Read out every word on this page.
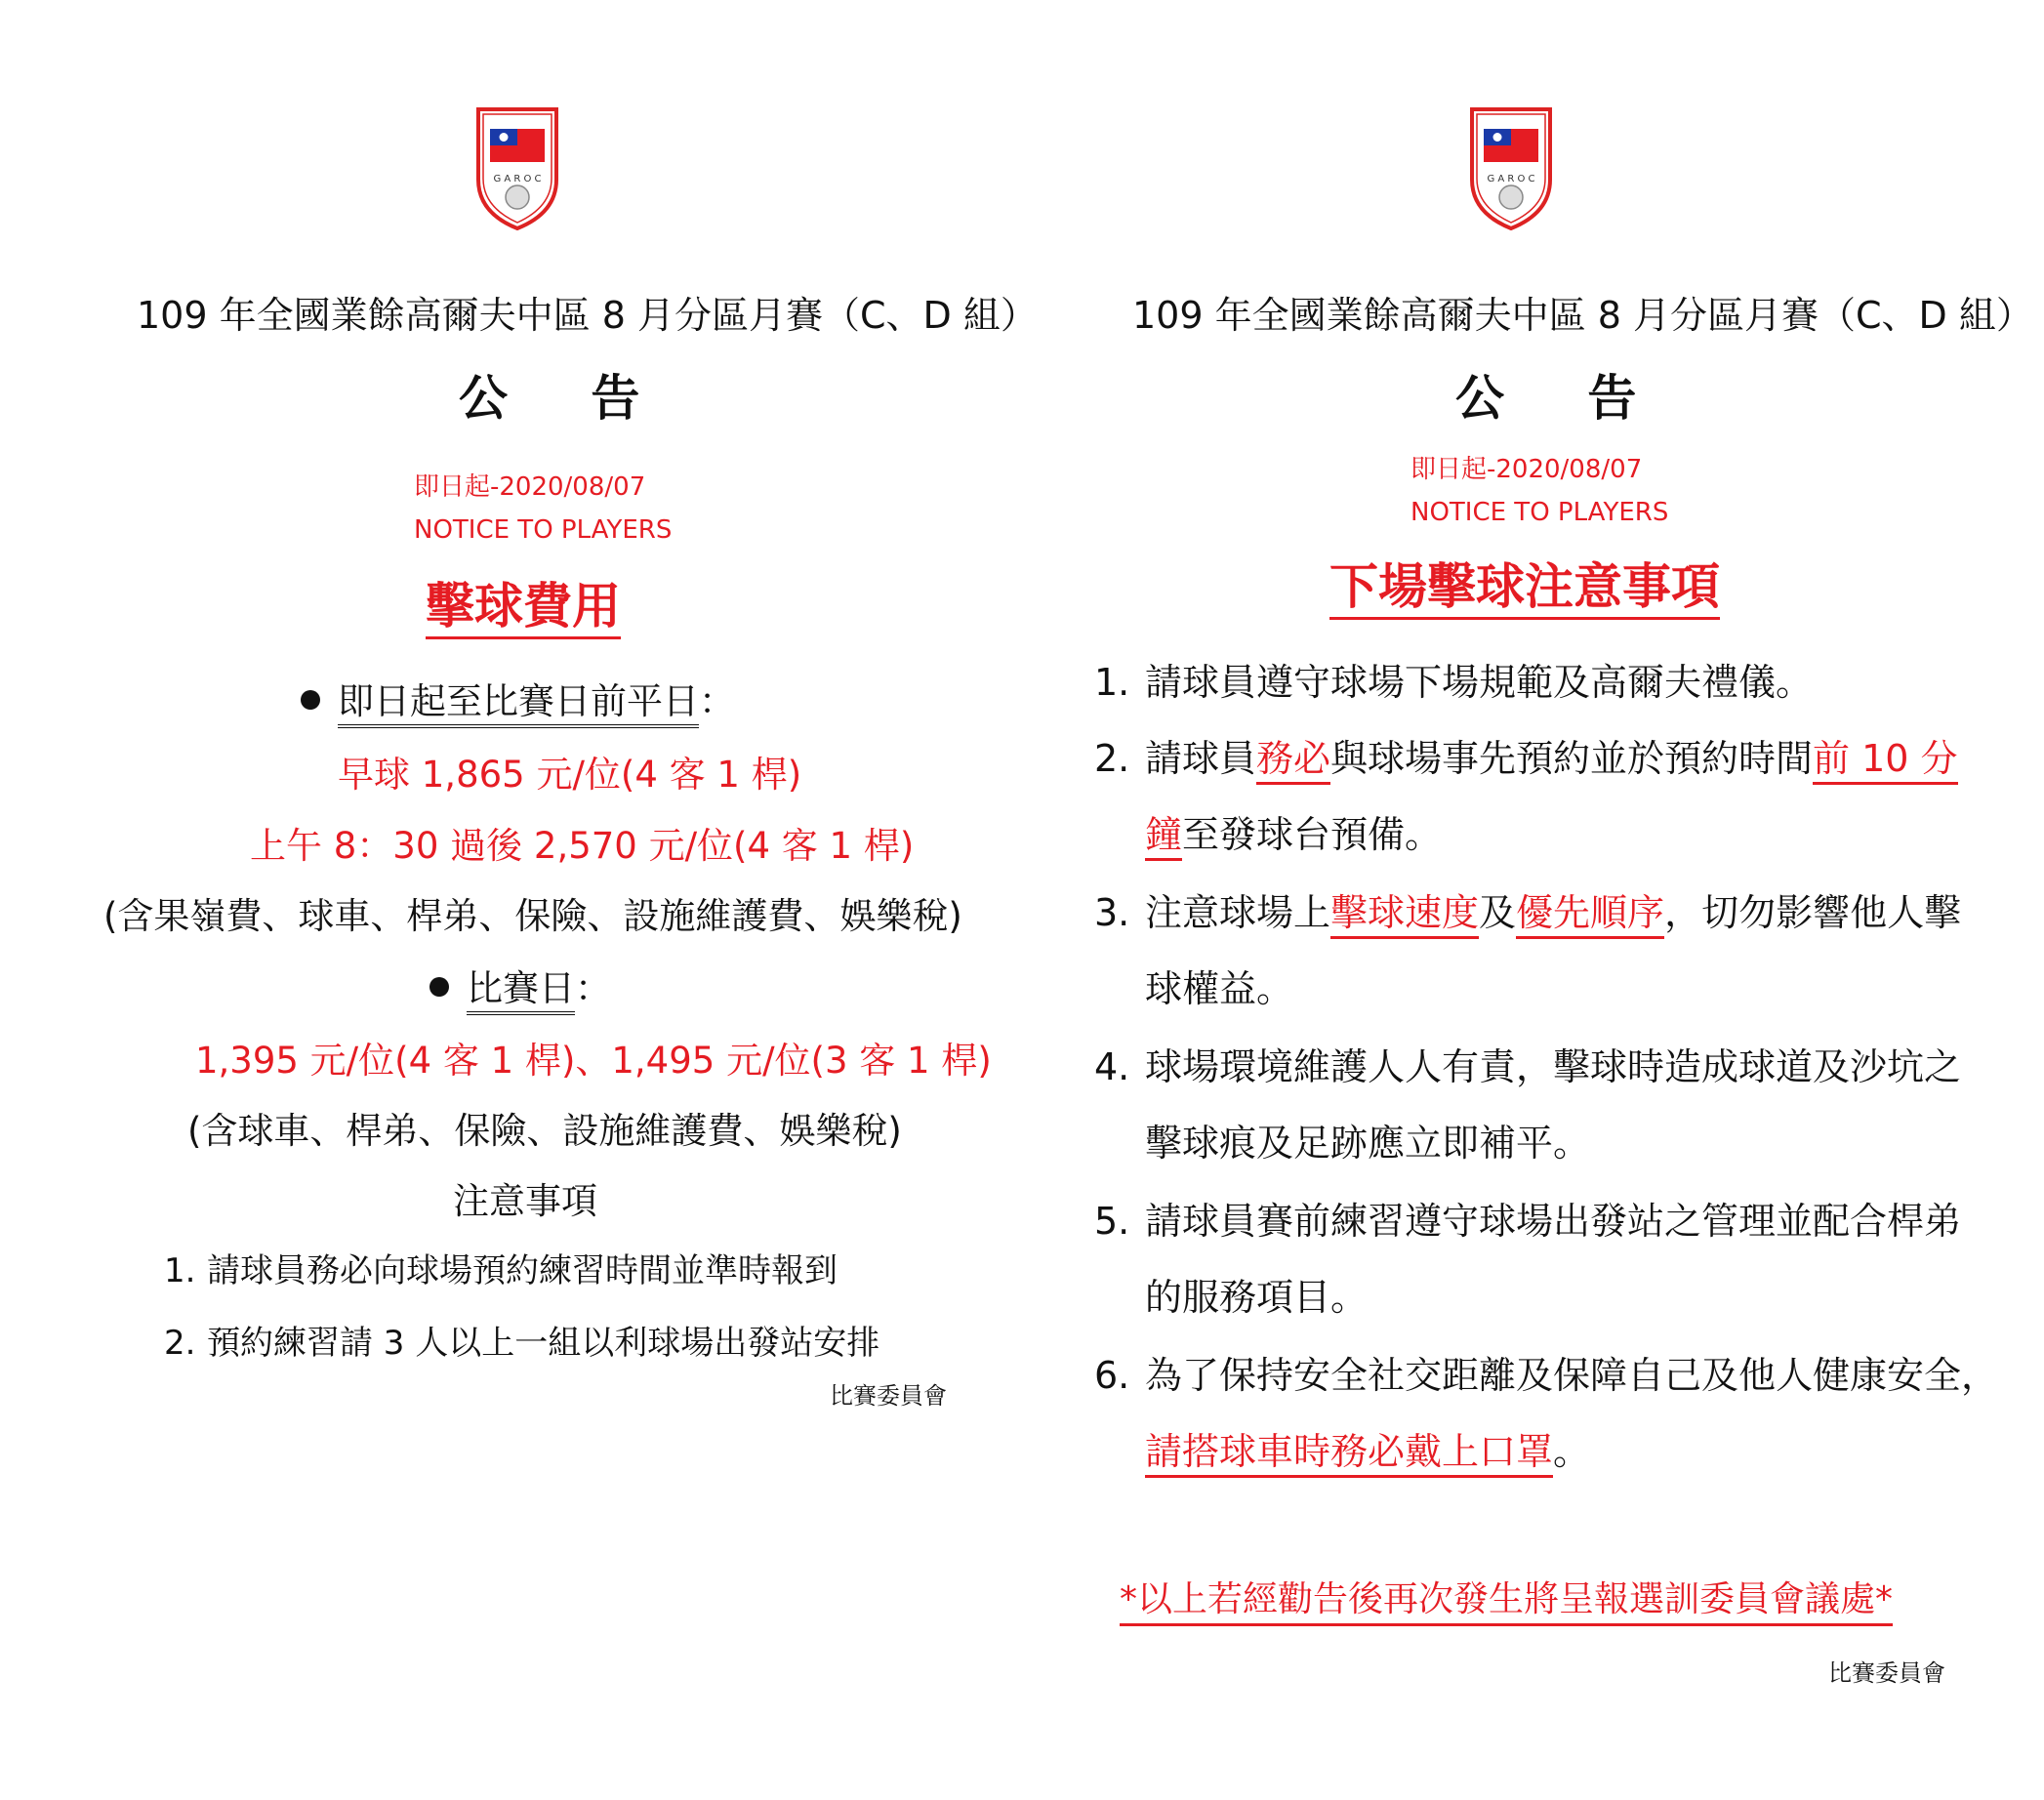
G A R O C
109 年全國業餘高爾夫中區 8 月分區月賽（C、D 組）
公 告
即日起-2020/08/07
NOTICE TO PLAYERS
擊球費用
即日起至比賽日前平日：
早球 1,865 元/位(4 客 1 桿)
上午 8：30 過後 2,570 元/位(4 客 1 桿)
(含果嶺費、球車、桿弟、保險、設施維護費、娛樂稅)
比賽日：
1,395 元/位(4 客 1 桿)、1,495 元/位(3 客 1 桿)
(含球車、桿弟、保險、設施維護費、娛樂稅)
注意事項
1. 請球員務必向球場預約練習時間並準時報到
2. 預約練習請 3 人以上一組以利球場出發站安排
比賽委員會
G A R O C
109 年全國業餘高爾夫中區 8 月分區月賽（C、D 組）
公 告
即日起-2020/08/07
NOTICE TO PLAYERS
下場擊球注意事項
1. 請球員遵守球場下場規範及高爾夫禮儀。
2. 請球員務必與球場事先預約並於預約時間前 10 分
鐘至發球台預備。
3. 注意球場上擊球速度及優先順序，切勿影響他人擊
球權益。
4. 球場環境維護人人有責，擊球時造成球道及沙坑之
擊球痕及足跡應立即補平。
5. 請球員賽前練習遵守球場出發站之管理並配合桿弟
的服務項目。
6. 為了保持安全社交距離及保障自己及他人健康安全，
請搭球車時務必戴上口罩。
*以上若經勸告後再次發生將呈報選訓委員會議處*
比賽委員會
